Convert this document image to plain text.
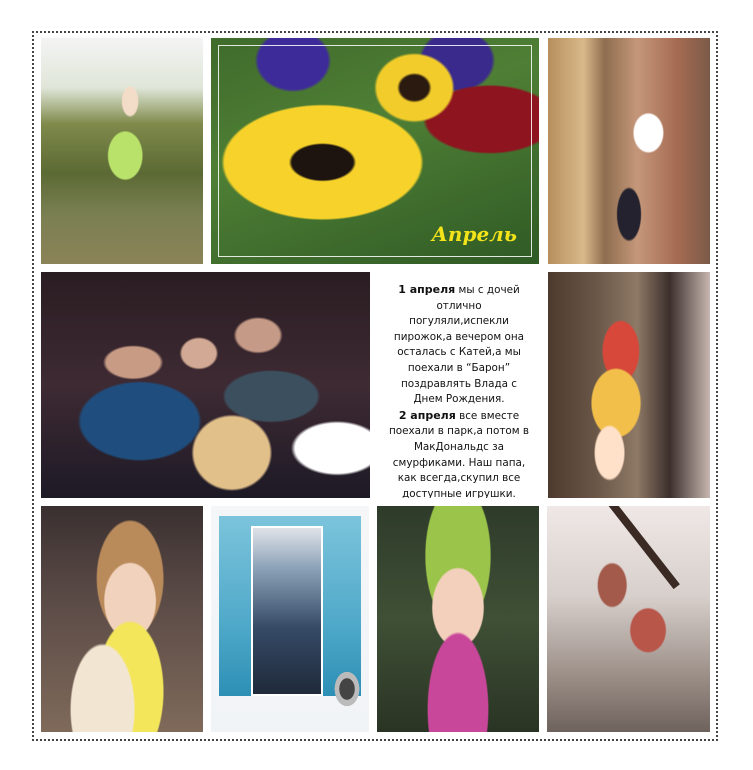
Апрель

1 апреля мы с дочей отлично погуляли,испекли пирожок,а вечером она осталась с Катей,а мы поехали в “Барон” поздравлять Влада с Днем Рождения.

2 апреля все вместе поехали в парк,а потом в МакДональдс за смурфиками. Наш папа, как всегда,скупил все доступные игрушки.
